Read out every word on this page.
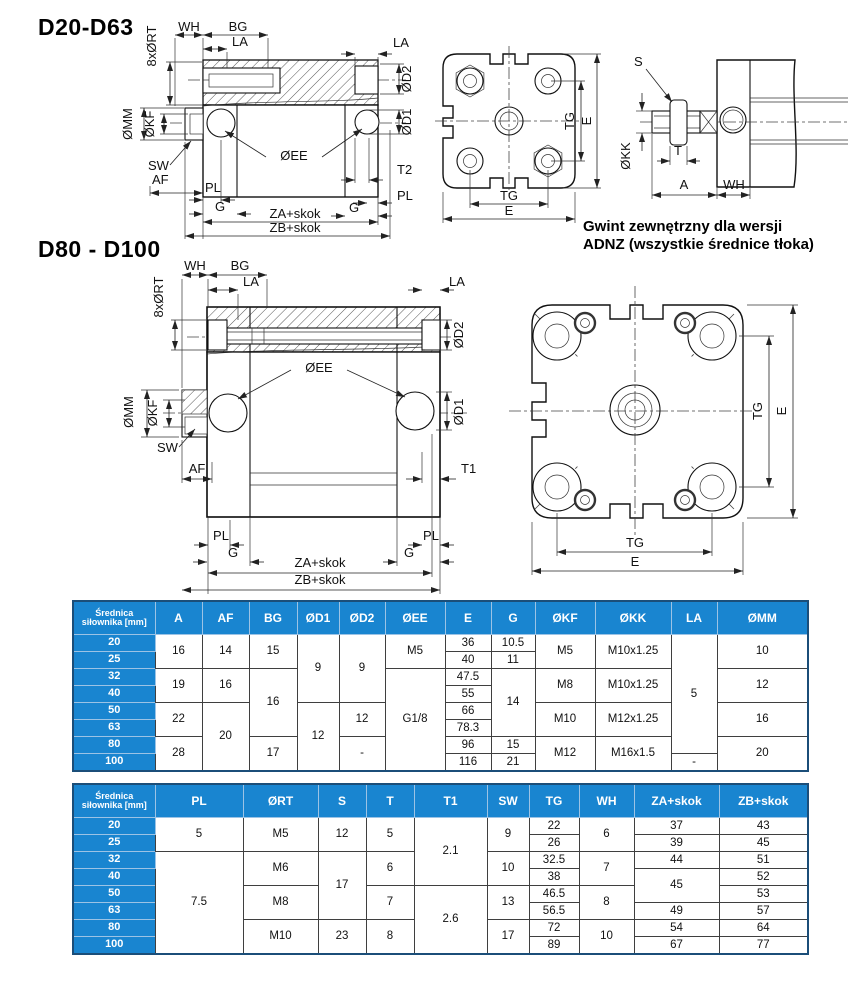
D20-D63
D80 - D100
WH BG
LA
8xØRT	LA
ØD2
ØD1
ØMM ØKF
SW
AF
ØEE
T2
PL
G
PL
G	ZA+skok
ZB+skok
TG E
TG
E
S
ØKK	T
A	WH
Gwint zewnętrzny dla wersji
ADNZ (wszystkie średnice tłoka)
WH BG
LA
8xØRT	LA
ØD2
ØD1
ØEE
ØMM ØKF
SW
AF	T1
PL
G
PL
G
ZA+skok
ZB+skok
TG E
TG
E
Średnica siłownika [mm]	A	AF	BG	ØD1	ØD2	ØEE	E	G	ØKF	ØKK	LA	ØMM
20	16	14	15	9	9	M5	36	10.5	M5	M10x1.25	5	10
25							40	11				
32	19	16	16			G1/8	47.5	14	M8	M10x1.25		12
40							55					
50	22	20		12	12		66		M10	M12x1.25		16
63							78.3					
80	28		17		-		96	15	M12	M16x1.5		20
100							116	21			-	
Średnica siłownika [mm]	PL	ØRT	S	T	T1	SW	TG	WH	ZA+skok	ZB+skok
20	5	M5	12	5	2.1	9	22	6	37	43
25							26		39	45
32	7.5	M6	17	6		10	32.5	7	44	51
40							38		45	52
50		M8		7	2.6	13	46.5	8		53
63							56.5		49	57
80		M10	23	8		17	72	10	54	64
100							89		67	77
